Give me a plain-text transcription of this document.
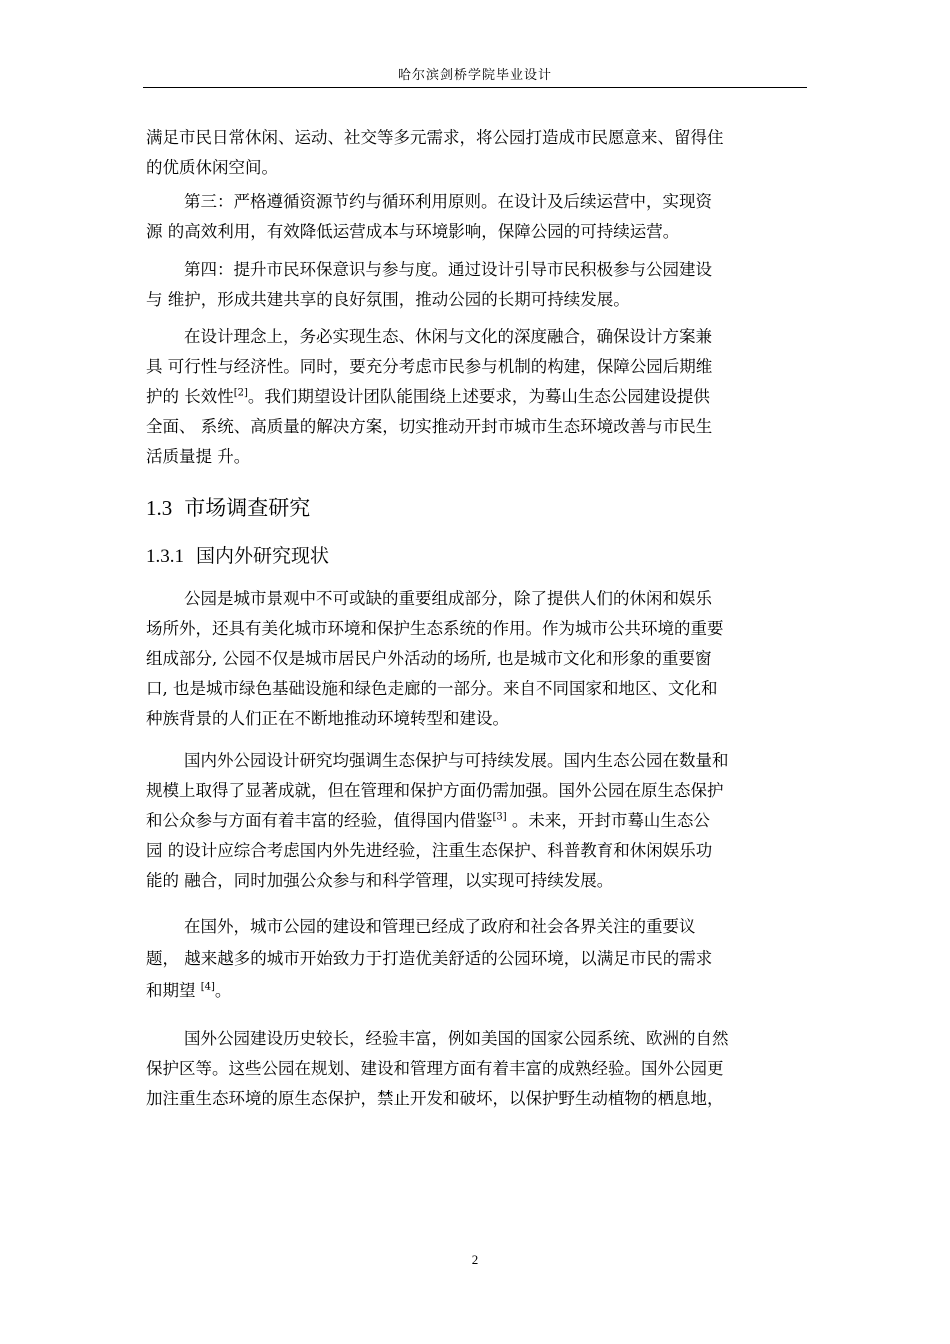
哈尔滨剑桥学院毕业设计

满足市民日常休闲、运动、社交等多元需求，将公园打造成市民愿意来、留得住
的优质休闲空间。

第三：严格遵循资源节约与循环利用原则。在设计及后续运营中，实现资
源 的高效利用，有效降低运营成本与环境影响，保障公园的可持续运营。

第四：提升市民环保意识与参与度。通过设计引导市民积极参与公园建设
与 维护，形成共建共享的良好氛围，推动公园的长期可持续发展。

在设计理念上，务必实现生态、休闲与文化的深度融合，确保设计方案兼
具 可行性与经济性。同时，要充分考虑市民参与机制的构建，保障公园后期维
护的 长效性[2]。我们期望设计团队能围绕上述要求，为蓦山生态公园建设提供
全面、 系统、高质量的解决方案，切实推动开封市城市生态环境改善与市民生
活质量提 升。

1.3 市场调查研究
1.3.1 国内外研究现状

公园是城市景观中不可或缺的重要组成部分，除了提供人们的休闲和娱乐
场所外，还具有美化城市环境和保护生态系统的作用。作为城市公共环境的重要
组成部分, 公园不仅是城市居民户外活动的场所, 也是城市文化和形象的重要窗
口, 也是城市绿色基础设施和绿色走廊的一部分。来自不同国家和地区、文化和
种族背景的人们正在不断地推动环境转型和建设。

国内外公园设计研究均强调生态保护与可持续发展。国内生态公园在数量和
规模上取得了显著成就，但在管理和保护方面仍需加强。国外公园在原生态保护
和公众参与方面有着丰富的经验，值得国内借鉴[3] 。未来，开封市蓦山生态公
园 的设计应综合考虑国内外先进经验，注重生态保护、科普教育和休闲娱乐功
能的 融合，同时加强公众参与和科学管理，以实现可持续发展。

在国外，城市公园的建设和管理已经成了政府和社会各界关注的重要议
题， 越来越多的城市开始致力于打造优美舒适的公园环境，以满足市民的需求
和期望 [4]。

国外公园建设历史较长，经验丰富，例如美国的国家公园系统、欧洲的自然
保护区等。这些公园在规划、建设和管理方面有着丰富的成熟经验。国外公园更
加注重生态环境的原生态保护，禁止开发和破坏，以保护野生动植物的栖息地，

2
